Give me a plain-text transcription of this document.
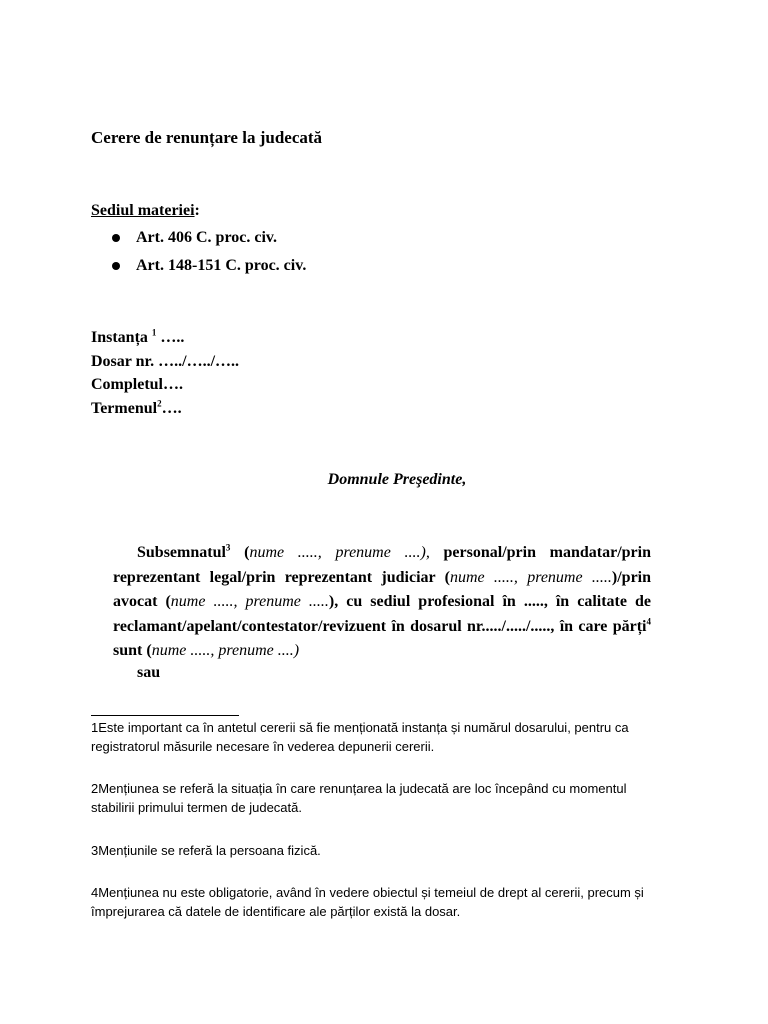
Cerere de renunțare la judecată
Sediul materiei:
Art. 406 C. proc. civ.
Art. 148-151 C. proc. civ.
Instanța $^1$ …..
Dosar nr. …../…../…..
Completul….
Termenul$^2$….
Domnule Preşedinte,
Subsemnatul$^3$ (nume ....., prenume ....), personal/prin mandatar/prin reprezentant legal/prin reprezentant judiciar (nume ....., prenume .....)/prin avocat (nume ....., prenume .....), cu sediul profesional în ....., în calitate de reclamant/apelant/contestator/revizuent în dosarul nr...../...../....., în care părți$^4$ sunt (nume ....., prenume ....)
sau
1Este important ca în antetul cererii să fie menționată instanța și numărul dosarului, pentru ca registratorul măsurile necesare în vederea depunerii cererii.
2Mențiunea se referă la situația în care renunțarea la judecată are loc începând cu momentul stabilirii primului termen de judecată.
3Mențiunile se referă la persoana fizică.
4Mențiunea nu este obligatorie, având în vedere obiectul și temeiul de drept al cererii, precum și împrejurarea că datele de identificare ale părților există la dosar.
